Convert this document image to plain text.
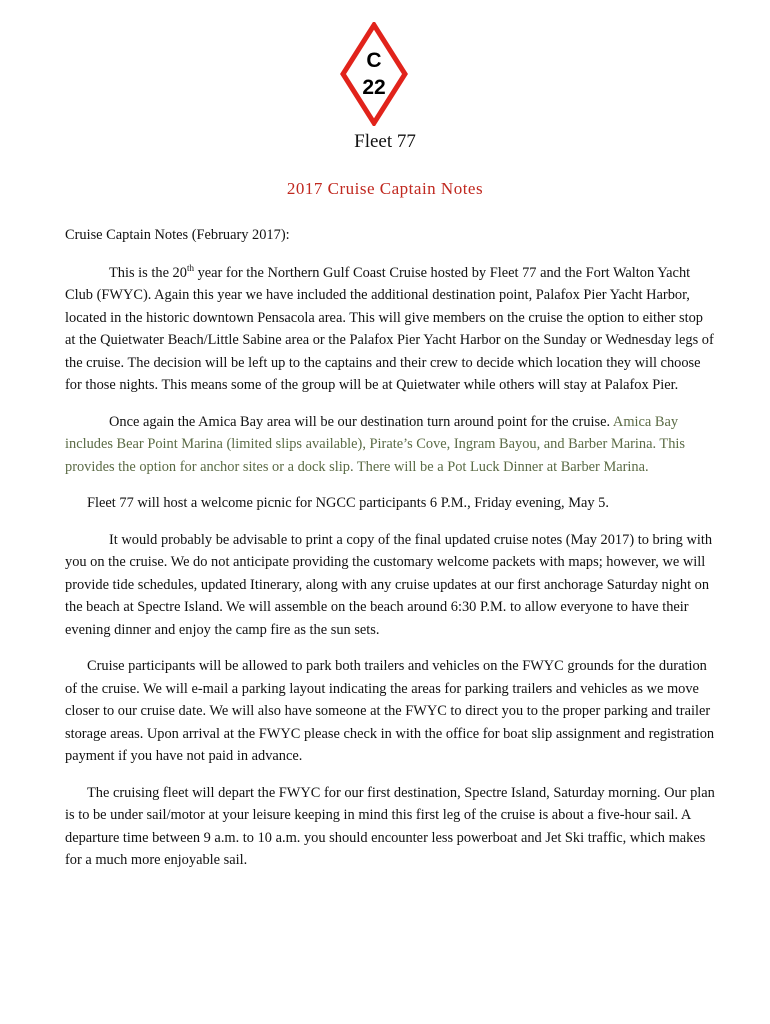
C
22
Fleet 77
2017 Cruise Captain Notes

Cruise Captain Notes (February 2017):

This is the 20th year for the Northern Gulf Coast Cruise hosted by Fleet 77 and the Fort Walton Yacht Club (FWYC). Again this year we have included the additional destination point, Palafox Pier Yacht Harbor, located in the historic downtown Pensacola area. This will give members on the cruise the option to either stop at the Quietwater Beach/Little Sabine area or the Palafox Pier Yacht Harbor on the Sunday or Wednesday legs of the cruise. The decision will be left up to the captains and their crew to decide which location they will choose for those nights. This means some of the group will be at Quietwater while others will stay at Palafox Pier.

Once again the Amica Bay area will be our destination turn around point for the cruise. Amica Bay includes Bear Point Marina (limited slips available), Pirate’s Cove, Ingram Bayou, and Barber Marina. This provides the option for anchor sites or a dock slip. There will be a Pot Luck Dinner at Barber Marina.

Fleet 77 will host a welcome picnic for NGCC participants 6 P.M., Friday evening, May 5.

It would probably be advisable to print a copy of the final updated cruise notes (May 2017) to bring with you on the cruise. We do not anticipate providing the customary welcome packets with maps; however, we will provide tide schedules, updated Itinerary, along with any cruise updates at our first anchorage Saturday night on the beach at Spectre Island. We will assemble on the beach around 6:30 P.M. to allow everyone to have their evening dinner and enjoy the camp fire as the sun sets.

Cruise participants will be allowed to park both trailers and vehicles on the FWYC grounds for the duration of the cruise. We will e-mail a parking layout indicating the areas for parking trailers and vehicles as we move closer to our cruise date. We will also have someone at the FWYC to direct you to the proper parking and trailer storage areas. Upon arrival at the FWYC please check in with the office for boat slip assignment and registration payment if you have not paid in advance.

The cruising fleet will depart the FWYC for our first destination, Spectre Island, Saturday morning. Our plan is to be under sail/motor at your leisure keeping in mind this first leg of the cruise is about a five-hour sail. A departure time between 9 a.m. to 10 a.m. you should encounter less powerboat and Jet Ski traffic, which makes for a much more enjoyable sail.
